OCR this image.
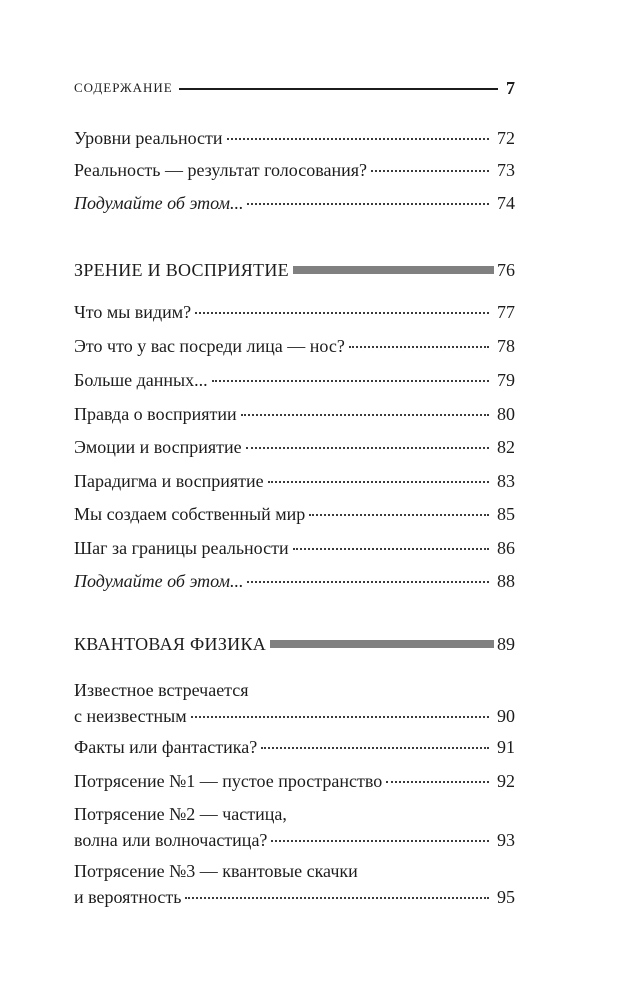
СОДЕРЖАНИЕ	7
Уровни реальности	72
Реальность — результат голосования?	73
Подумайте об этом...	74
ЗРЕНИЕ И ВОСПРИЯТИЕ	76
Что мы видим?	77
Это что у вас посреди лица — нос?	78
Больше данных...	79
Правда о восприятии	80
Эмоции и восприятие	82
Парадигма и восприятие	83
Мы создаем собственный мир	85
Шаг за границы реальности	86
Подумайте об этом...	88
КВАНТОВАЯ ФИЗИКА	89
Известное встречается
с неизвестным	90
Факты или фантастика?	91
Потрясение №1 — пустое пространство	92
Потрясение №2 — частица,
волна или волночастица?	93
Потрясение №3 — квантовые скачки
и вероятность	95
